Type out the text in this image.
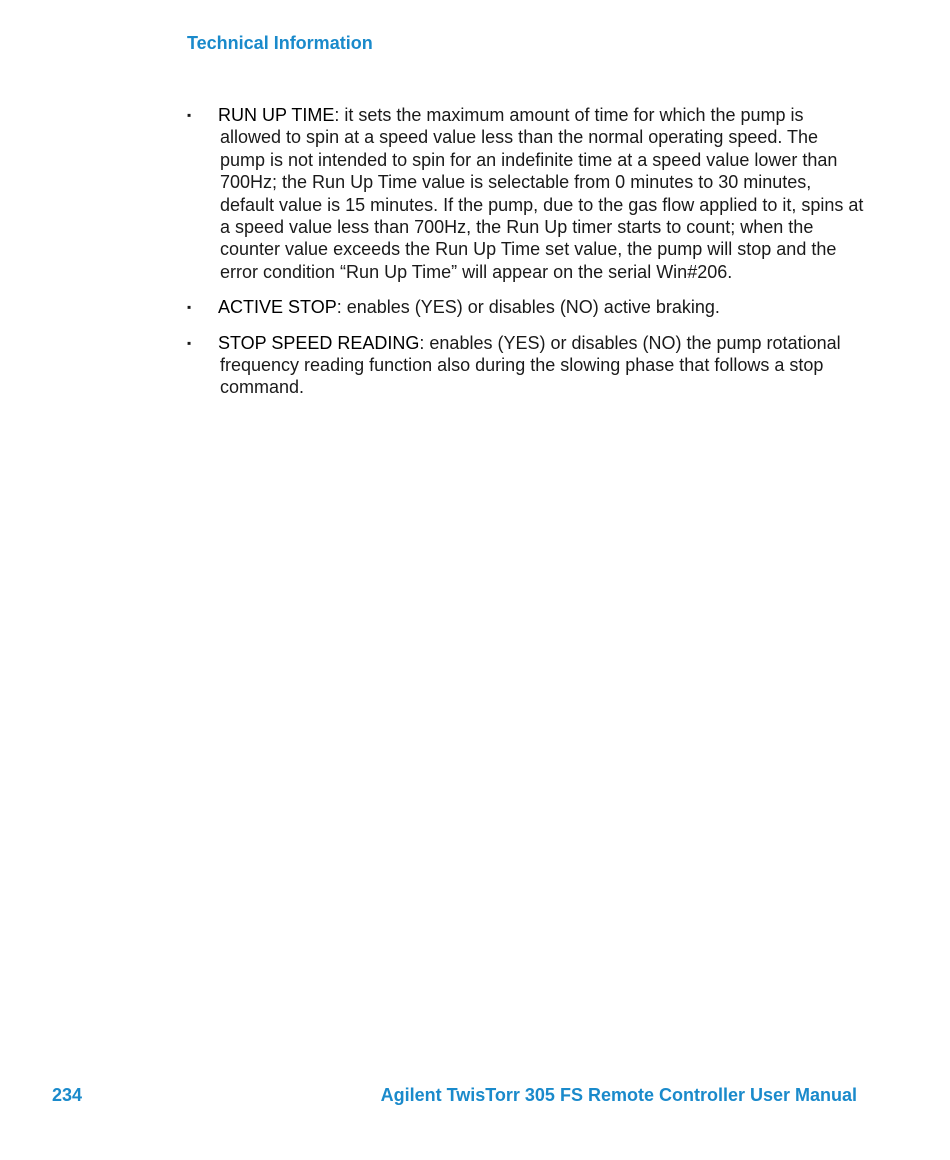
Technical Information
▪	RUN UP TIME: it sets the maximum amount of time for which the pump is allowed to spin at a speed value less than the normal operating speed. The pump is not intended to spin for an indefinite time at a speed value lower than 700Hz; the Run Up Time value is selectable from 0 minutes to 30 minutes, default value is 15 minutes. If the pump, due to the gas flow applied to it, spins at a speed value less than 700Hz, the Run Up timer starts to count; when the counter value exceeds the Run Up Time set value, the pump will stop and the error condition “Run Up Time” will appear on the serial Win#206.
▪	ACTIVE STOP: enables (YES) or disables (NO) active braking.
▪	STOP SPEED READING: enables (YES) or disables (NO) the pump rotational frequency reading function also during the slowing phase that follows a stop command.
234	Agilent TwisTorr 305 FS Remote Controller User Manual
